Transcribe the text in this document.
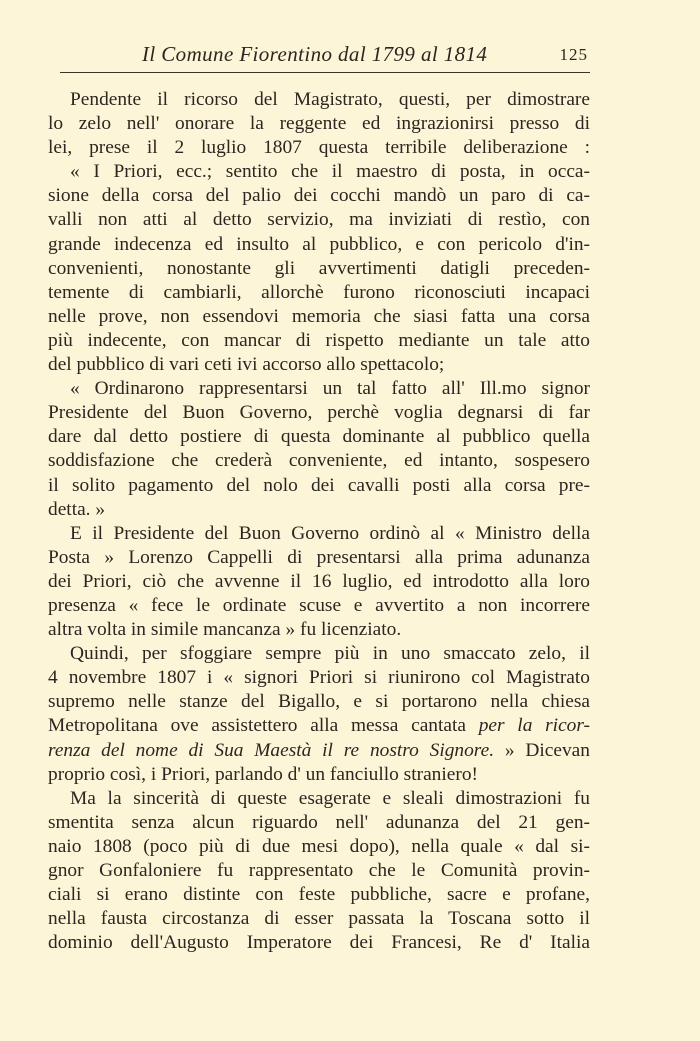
Il Comune Fiorentino dal 1799 al 1814	125
Pendente il ricorso del Magistrato, questi, per dimostrare
lo zelo nell' onorare la reggente ed ingrazionirsi presso di
lei, prese il 2 luglio 1807 questa terribile deliberazione :
« I Priori, ecc.; sentito che il maestro di posta, in occa-
sione della corsa del palio dei cocchi mandò un paro di ca-
valli non atti al detto servizio, ma inviziati di restìo, con
grande indecenza ed insulto al pubblico, e con pericolo d'in-
convenienti, nonostante gli avvertimenti datigli preceden-
temente di cambiarli, allorchè furono riconosciuti incapaci
nelle prove, non essendovi memoria che siasi fatta una corsa
più indecente, con mancar di rispetto mediante un tale atto
del pubblico di vari ceti ivi accorso allo spettacolo;
« Ordinarono rappresentarsi un tal fatto all' Ill.mo signor
Presidente del Buon Governo, perchè voglia degnarsi di far
dare dal detto postiere di questa dominante al pubblico quella
soddisfazione che crederà conveniente, ed intanto, sospesero
il solito pagamento del nolo dei cavalli posti alla corsa pre-
detta. »
E il Presidente del Buon Governo ordinò al « Ministro della
Posta » Lorenzo Cappelli di presentarsi alla prima adunanza
dei Priori, ciò che avvenne il 16 luglio, ed introdotto alla loro
presenza « fece le ordinate scuse e avvertito a non incorrere
altra volta in simile mancanza » fu licenziato.
Quindi, per sfoggiare sempre più in uno smaccato zelo, il
4 novembre 1807 i « signori Priori si riunirono col Magistrato
supremo nelle stanze del Bigallo, e si portarono nella chiesa
Metropolitana ove assistettero alla messa cantata per la ricor-
renza del nome di Sua Maestà il re nostro Signore. » Dicevan
proprio così, i Priori, parlando d' un fanciullo straniero!
Ma la sincerità di queste esagerate e sleali dimostrazioni fu
smentita senza alcun riguardo nell' adunanza del 21 gen-
naio 1808 (poco più di due mesi dopo), nella quale « dal si-
gnor Gonfaloniere fu rappresentato che le Comunità provin-
ciali si erano distinte con feste pubbliche, sacre e profane,
nella fausta circostanza di esser passata la Toscana sotto il
dominio dell'Augusto Imperatore dei Francesi, Re d' Italia
